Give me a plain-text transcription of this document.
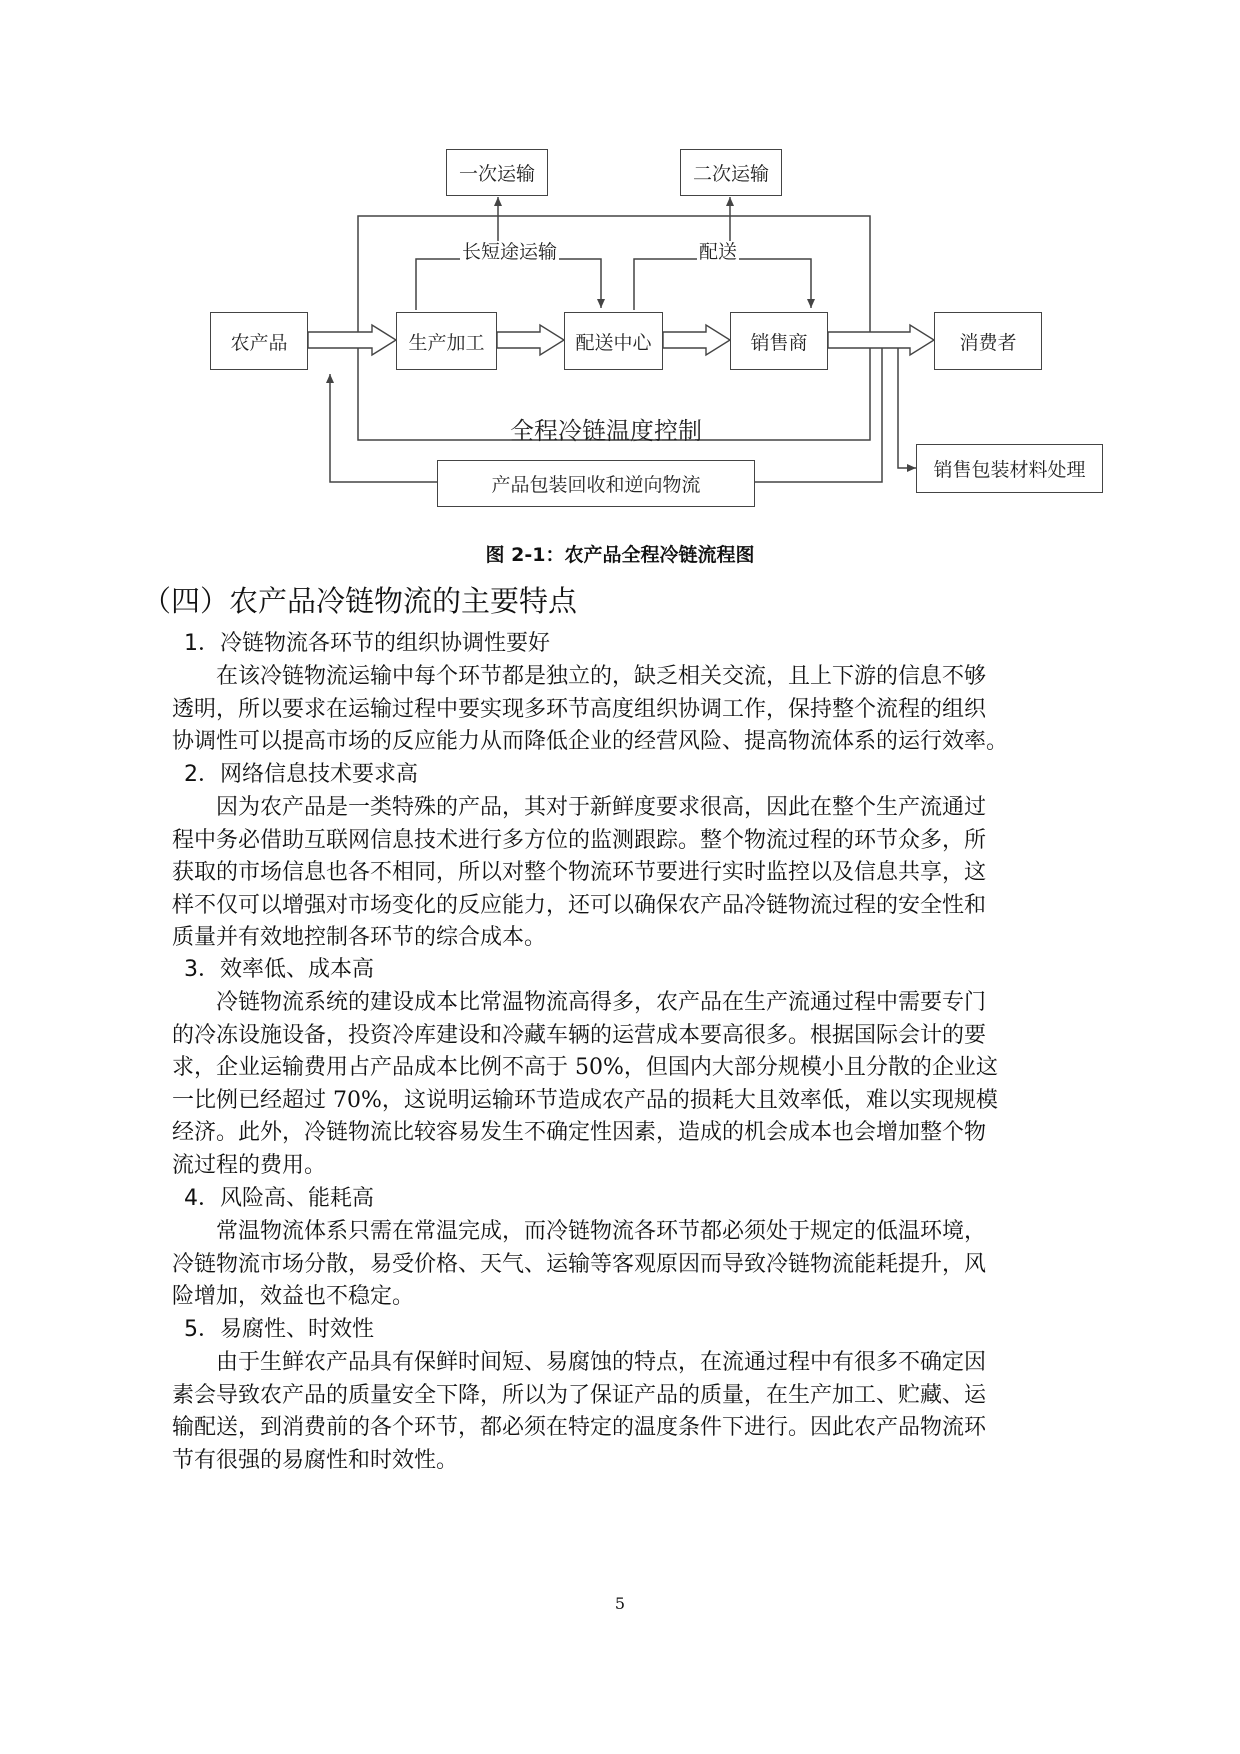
一次运输	二次运输
农产品	生产加工	配送中心	销售商	消费者
产品包装回收和逆向物流
销售包装材料处理
长短途运输	配送
全程冷链温度控制
图 2-1：农产品全程冷链流程图
（四）农产品冷链物流的主要特点

1．冷链物流各环节的组织协调性要好

在该冷链物流运输中每个环节都是独立的，缺乏相关交流，且上下游的信息不够
透明，所以要求在运输过程中要实现多环节高度组织协调工作，保持整个流程的组织
协调性可以提高市场的反应能力从而降低企业的经营风险、提高物流体系的运行效率。

2．网络信息技术要求高

因为农产品是一类特殊的产品，其对于新鲜度要求很高，因此在整个生产流通过
程中务必借助互联网信息技术进行多方位的监测跟踪。整个物流过程的环节众多，所
获取的市场信息也各不相同，所以对整个物流环节要进行实时监控以及信息共享，这
样不仅可以增强对市场变化的反应能力，还可以确保农产品冷链物流过程的安全性和
质量并有效地控制各环节的综合成本。

3．效率低、成本高

冷链物流系统的建设成本比常温物流高得多，农产品在生产流通过程中需要专门
的冷冻设施设备，投资冷库建设和冷藏车辆的运营成本要高很多。根据国际会计的要
求，企业运输费用占产品成本比例不高于 50%，但国内大部分规模小且分散的企业这
一比例已经超过 70%，这说明运输环节造成农产品的损耗大且效率低，难以实现规模
经济。此外，冷链物流比较容易发生不确定性因素，造成的机会成本也会增加整个物
流过程的费用。

4．风险高、能耗高

常温物流体系只需在常温完成，而冷链物流各环节都必须处于规定的低温环境，
冷链物流市场分散，易受价格、天气、运输等客观原因而导致冷链物流能耗提升，风
险增加，效益也不稳定。

5．易腐性、时效性

由于生鲜农产品具有保鲜时间短、易腐蚀的特点，在流通过程中有很多不确定因
素会导致农产品的质量安全下降，所以为了保证产品的质量，在生产加工、贮藏、运
输配送，到消费前的各个环节，都必须在特定的温度条件下进行。因此农产品物流环
节有很强的易腐性和时效性。

5
